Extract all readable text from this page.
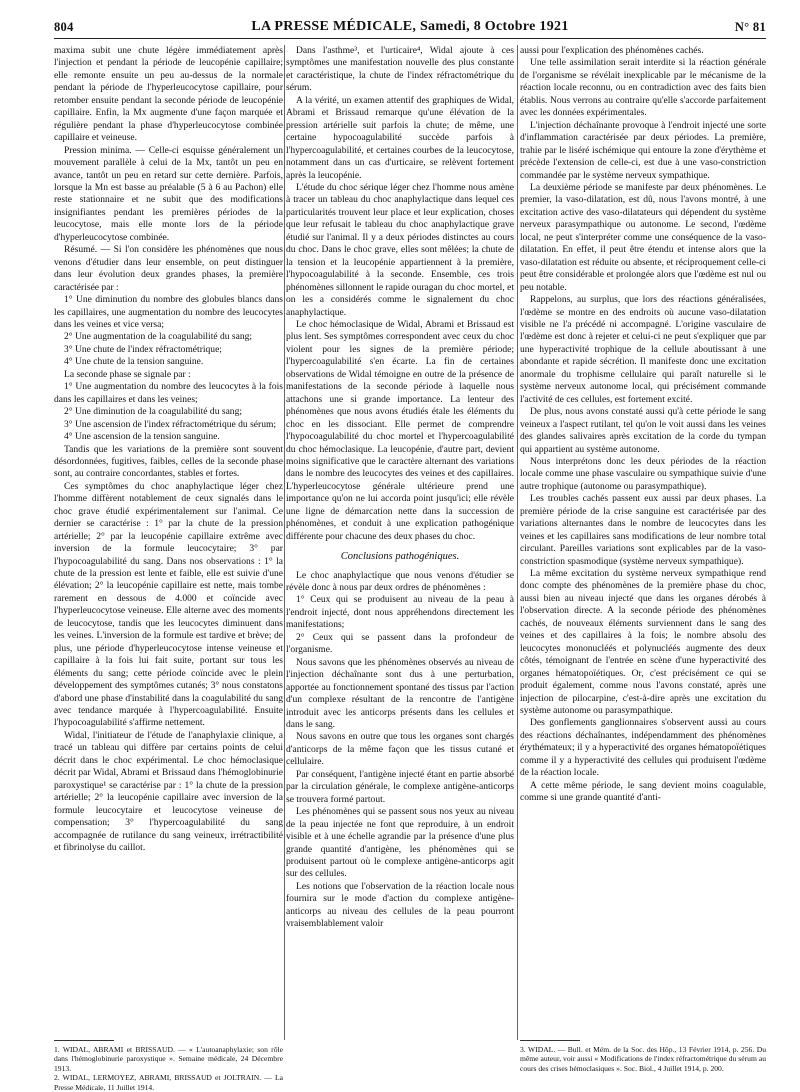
804	LA PRESSE MÉDICALE, Samedi, 8 Octobre 1921	N° 81

maxima subit une chute légère immédiatement après l'injection et pendant la période de leucopénie capillaire; elle remonte ensuite un peu au-dessus de la normale pendant la période de l'hyperleucocytose capillaire, pour retomber ensuite pendant la seconde période de leucopénie capillaire. Enfin, la Mx augmente d'une façon marquée et régulière pendant la phase d'hyperleucocytose combinée capillaire et veineuse.

Pression minima. — Celle-ci esquisse généralement un mouvement parallèle à celui de la Mx, tantôt un peu en avance, tantôt un peu en retard sur cette dernière. Parfois, lorsque la Mn est basse au préalable (5 à 6 au Pachon) elle reste stationnaire et ne subit que des modifications insignifiantes pendant les premières périodes de la leucocytose, mais elle monte lors de la période d'hyperleucocytose combinée.

Résumé. — Si l'on considère les phénomènes que nous venons d'étudier dans leur ensemble, on peut distinguer dans leur évolution deux grandes phases, la première caractérisée par :

1° Une diminution du nombre des globules blancs dans les capillaires, une augmentation du nombre des leucocytes dans les veines et vice versa;

2° Une augmentation de la coagulabilité du sang;

3° Une chute de l'index réfractométrique;

4° Une chute de la tension sanguine.

La seconde phase se signale par :

1° Une augmentation du nombre des leucocytes à la fois dans les capillaires et dans les veines;

2° Une diminution de la coagulabilité du sang;

3° Une ascension de l'index réfractométrique du sérum;

4° Une ascension de la tension sanguine.

Tandis que les variations de la première sont souvent désordonnées, fugitives, faibles, celles de la seconde phase sont, au contraire concordantes, stables et fortes.

Ces symptômes du choc anaphylactique léger chez l'homme diffèrent notablement de ceux signalés dans le choc grave étudié expérimentalement sur l'animal. Ce dernier se caractérise : 1° par la chute de la pression artérielle; 2° par la leucopénie capillaire extrême avec inversion de la formule leucocytaire; 3° par l'hypocoagulabilité du sang. Dans nos observations : 1° la chute de la pression est lente et faible, elle est suivie d'une élévation; 2° la leucopénie capillaire est nette, mais tombe rarement en dessous de 4.000 et coïncide avec l'hyperleucocytose veineuse. Elle alterne avec des moments de leucocytose, tandis que les leucocytes diminuent dans les veines. L'inversion de la formule est tardive et brève; de plus, une période d'hyperleucocytose intense veineuse et capillaire à la fois lui fait suite, portant sur tous les éléments du sang; cette période coïncide avec le plein développement des symptômes cutanés; 3° nous constatons d'abord une phase d'instabilité dans la coagulabilité du sang avec tendance marquée à l'hypercoagulabilité. Ensuite l'hypocoagulabilité s'affirme nettement.

Widal, l'initiateur de l'étude de l'anaphylaxie clinique, a tracé un tableau qui diffère par certains points de celui décrit dans le choc expérimental. Le choc hémoclasique décrit par Widal, Abrami et Brissaud dans l'hémoglobinurie paroxystique¹ se caractérise par : 1° la chute de la pression artérielle; 2° la leucopénie capillaire avec inversion de la formule leucocytaire et leucocytose veineuse de compensation; 3° l'hypercoagulabilité du sang accompagnée de rutilance du sang veineux, irrétractibilité et fibrinolyse du caillot.

Dans l'asthme³, et l'urticaire⁴, Widal ajoute à ces symptômes une manifestation nouvelle des plus constante et caractéristique, la chute de l'index réfractométrique du sérum.

A la vérité, un examen attentif des graphiques de Widal, Abrami et Brissaud remarque qu'une élévation de la pression artérielle suit parfois la chute; de même, une certaine hypocoagulabilité succède parfois à l'hypercoagulabilité, et certaines courbes de la leucocytose, notamment dans un cas d'urticaire, se relèvent fortement après la leucopénie.

L'étude du choc sérique léger chez l'homme nous amène à tracer un tableau du choc anaphylactique dans lequel ces particularités trouvent leur place et leur explication, choses que leur refusait le tableau du choc anaphylactique grave étudié sur l'animal. Il y a deux périodes distinctes au cours du choc. Dans le choc grave, elles sont mêlées; la chute de la tension et la leucopénie appartiennent à la première, l'hypocoagulabilité à la seconde. Ensemble, ces trois phénomènes sillonnent le rapide ouragan du choc mortel, et on les a considérés comme le signalement du choc anaphylactique.

Le choc hémoclasique de Widal, Abrami et Brissaud est plus lent. Ses symptômes correspondent avec ceux du choc violent pour les signes de la première période; l'hypercoagulabilité s'en écarte. La fin de certaines observations de Widal témoigne en outre de la présence de manifestations de la seconde période à laquelle nous attachons une si grande importance. La lenteur des phénomènes que nous avons étudiés étale les éléments du choc en les dissociant. Elle permet de comprendre l'hypocoagulabilité du choc mortel et l'hypercoagulabilité du choc hémoclasique. La leucopénie, d'autre part, devient moins significative que le caractère alternant des variations dans le nombre des leucocytes des veines et des capillaires. L'hyperleucocytose générale ultérieure prend une importance qu'on ne lui accorda point jusqu'ici; elle révèle une ligne de démarcation nette dans la succession de phénomènes, et conduit à une explication pathogénique différente pour chacune des deux phases du choc.

Conclusions pathogéniques.

Le choc anaphylactique que nous venons d'étudier se révèle donc à nous par deux ordres de phénomènes :

1° Ceux qui se produisent au niveau de la peau à l'endroit injecté, dont nous appréhendons directement les manifestations;

2° Ceux qui se passent dans la profondeur de l'organisme.

Nous savons que les phénomènes observés au niveau de l'injection déchaînante sont dus à une perturbation, apportée au fonctionnement spontané des tissus par l'action d'un complexe résultant de la rencontre de l'antigène introduit avec les anticorps présents dans les cellules et dans le sang.

Nous savons en outre que tous les organes sont chargés d'anticorps de la même façon que les tissus cutané et cellulaire.

Par conséquent, l'antigène injecté étant en partie absorbé par la circulation générale, le complexe antigène-anticorps se trouvera formé partout.

Les phénomènes qui se passent sous nos yeux au niveau de la peau injectée ne font que reproduire, à un endroit visible et à une échelle agrandie par la présence d'une plus grande quantité d'antigène, les phénomènes qui se produisent partout où le complexe antigène-anticorps agit sur des cellules.

Les notions que l'observation de la réaction locale nous fournira sur le mode d'action du complexe antigène-anticorps au niveau des cellules de la peau pourront vraisemblablement valoir

aussi pour l'explication des phénomènes cachés.

Une telle assimilation serait interdite si la réaction générale de l'organisme se révélait inexplicable par le mécanisme de la réaction locale reconnu, ou en contradiction avec des faits bien établis. Nous verrons au contraire qu'elle s'accorde parfaitement avec les données expérimentales.

L'injection déchaînante provoque à l'endroit injecté une sorte d'inflammation caractérisée par deux périodes. La première, trahie par le liséré ischémique qui entoure la zone d'érythème et précède l'extension de celle-ci, est due à une vaso-constriction commandée par le système nerveux sympathique.

La deuxième période se manifeste par deux phénomènes. Le premier, la vaso-dilatation, est dû, nous l'avons montré, à une excitation active des vaso-dilatateurs qui dépendent du système nerveux parasympathique ou autonome. Le second, l'œdème local, ne peut s'interpréter comme une conséquence de la vaso-dilatation. En effet, il peut être étendu et intense alors que la vaso-dilatation est réduite ou absente, et réciproquement celle-ci peut être considérable et prolongée alors que l'œdème est nul ou peu notable.

Rappelons, au surplus, que lors des réactions généralisées, l'œdème se montre en des endroits où aucune vaso-dilatation visible ne l'a précédé ni accompagné. L'origine vasculaire de l'œdème est donc à rejeter et celui-ci ne peut s'expliquer que par une hyperactivité trophique de la cellule aboutissant à une abondante et rapide sécrétion. Il manifeste donc une excitation anormale du trophisme cellulaire qui paraît naturelle si le système nerveux autonome local, qui précisément commande l'activité de ces cellules, est fortement excité.

De plus, nous avons constaté aussi qu'à cette période le sang veineux a l'aspect rutilant, tel qu'on le voit aussi dans les veines des glandes salivaires après excitation de la corde du tympan qui appartient au système autonome.

Nous interprétons donc les deux périodes de la réaction locale comme une phase vasculaire ou sympathique suivie d'une autre trophique (autonome ou parasympathique).

Les troubles cachés passent eux aussi par deux phases. La première période de la crise sanguine est caractérisée par des variations alternantes dans le nombre de leucocytes dans les veines et les capillaires sans modifications de leur nombre total circulant. Pareilles variations sont explicables par de la vaso-constriction spasmodique (système nerveux sympathique).

La même excitation du système nerveux sympathique rend donc compte des phénomènes de la première phase du choc, aussi bien au niveau injecté que dans les organes dérobés à l'observation directe. A la seconde période des phénomènes cachés, de nouveaux éléments surviennent dans le sang des veines et des capillaires à la fois; le nombre absolu des leucocytes mononucléés et polynucléés augmente des deux côtés, témoignant de l'entrée en scène d'une hyperactivité des organes hématopoïétiques. Or, c'est précisément ce qui se produit également, comme nous l'avons constaté, après une injection de pilocarpine, c'est-à-dire après une excitation du système autonome ou parasympathique.

Des gonflements ganglionnaires s'observent aussi au cours des réactions déchaînantes, indépendamment des phénomènes érythémateux; il y a hyperactivité des organes hématopoïétiques comme il y a hyperactivité des cellules qui produisent l'œdème de la réaction locale.

A cette même période, le sang devient moins coagulable, comme si une grande quantité d'anti-

1. WIDAL, ABRAMI et BRISSAUD. — « L'autoanaphylaxie; son rôle dans l'hémoglobinurie paroxystique ». Semaine médicale, 24 Décembre 1913.

2. WIDAL, LERMOYEZ, ABRAMI, BRISSAUD et JOLTRAIN. — La Presse Médicale, 11 Juillet 1914.

3. WIDAL. — Bull. et Mém. de la Soc. des Hôp., 13 Février 1914, p. 256. Du même auteur, voir aussi « Modifications de l'index réfractométrique du sérum au cours des crises hémoclasiques ». Soc. Biol., 4 Juillet 1914, p. 200.
